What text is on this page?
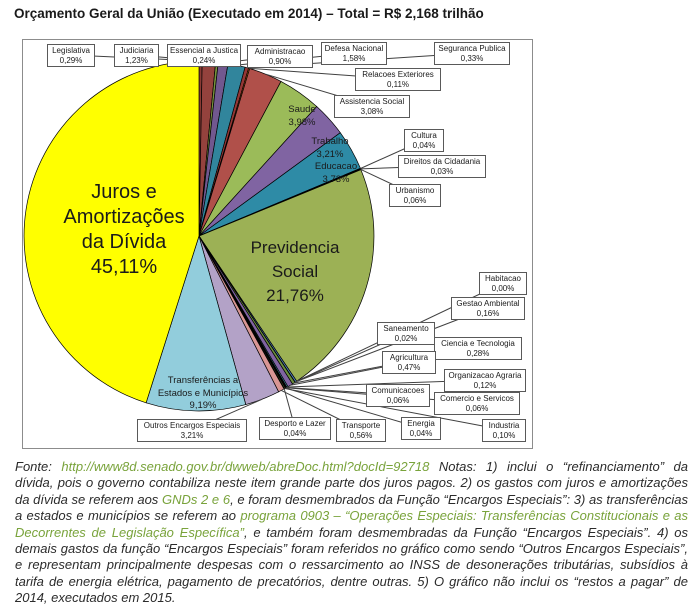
Orçamento Geral da União (Executado em 2014) – Total = R$ 2,168 trilhão
Juros e
Amortizações
da Dívida
45,11%
Previdencia
Social
21,76%
Transferências a
Estados e Municípios
9,19%
Saude
3,98%
Trabalho
3,21%
Educacao
3,73%
Legislativa
0,29%
Judiciaria
1,23%
Essencial a Justica
0,24%
Administracao
0,90%
Defesa Nacional
1,58%
Seguranca Publica
0,33%
Relacoes Exteriores
0,11%
Assistencia Social
3,08%
Cultura
0,04%
Direitos da Cidadania
0,03%
Urbanismo
0,06%
Habitacao
0,00%
Gestao Ambiental
0,16%
Ciencia e Tecnologia
0,28%
Organizacao Agraria
0,12%
Comercio e Servicos
0,06%
Industria
0,10%
Saneamento
0,02%
Agricultura
0,47%
Comunicacoes
0,06%
Energia
0,04%
Transporte
0,56%
Desporto e Lazer
0,04%
Outros Encargos Especiais
3,21%
Fonte: http://www8d.senado.gov.br/dwweb/abreDoc.html?docId=92718 Notas: 1) inclui o “refinanciamento” da dívida, pois o governo contabiliza neste item grande parte dos juros pagos. 2) os gastos com juros e amortizações da dívida se referem aos GNDs 2 e 6, e foram desmembrados da Função “Encargos Especiais”: 3) as transferências a estados e municípios se referem ao programa 0903 – “Operações Especiais: Transferências Constitucionais e as Decorrentes de Legislação Específica”, e também foram desmembradas da Função “Encargos Especiais”. 4) os demais gastos da função “Encargos Especiais” foram referidos no gráfico como sendo “Outros Encargos Especiais”, e representam principalmente despesas com o ressarcimento ao INSS de desonerações tributárias, subsídios à tarifa de energia elétrica, pagamento de precatórios, dentre outras. 5) O gráfico não inclui os “restos a pagar” de 2014, executados em 2015.
